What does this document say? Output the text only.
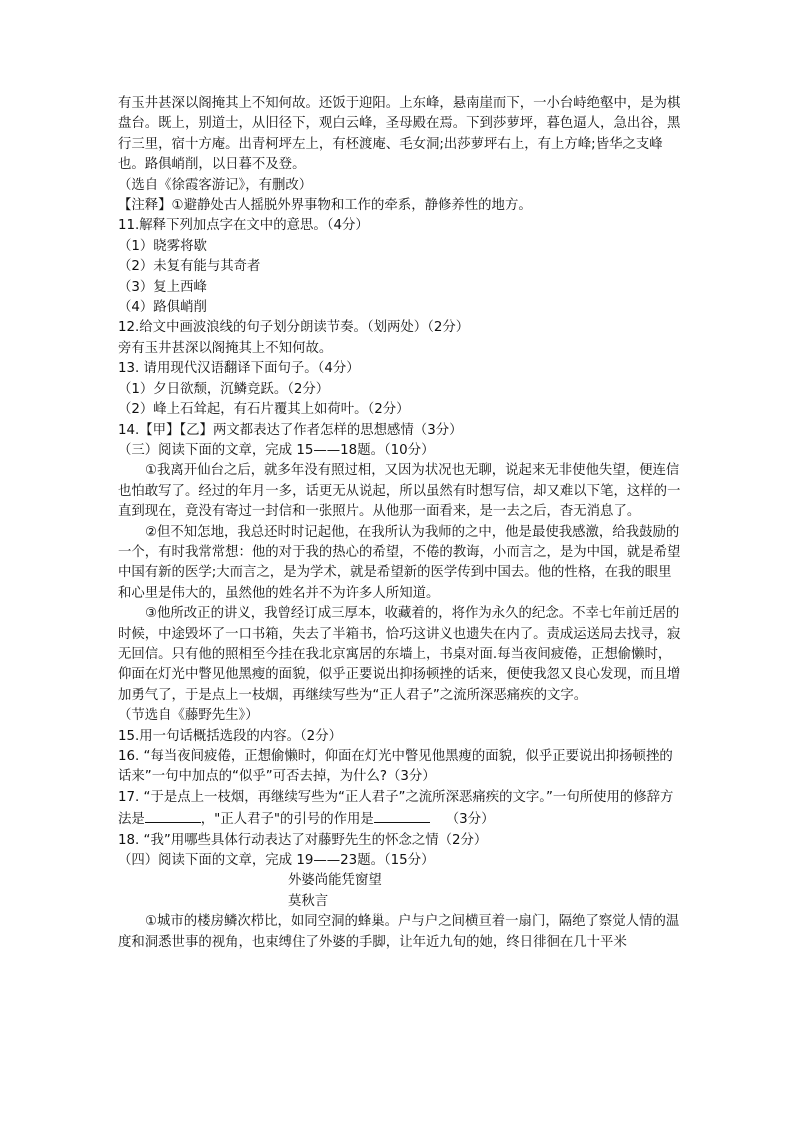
有玉井甚深以阁掩其上不知何故。还饭于迎阳。上东峰，悬南崖而下，一小台峙绝壑中，是为棋盘台。既上，别道士，从旧径下，观白云峰，圣母殿在焉。下到莎萝坪，暮色逼人，急出谷，黑行三里，宿十方庵。出青柯坪左上，有柸渡庵、毛女洞;出莎萝坪右上，有上方峰;皆华之支峰也。路俱峭削，以日暮不及登。

（选自《徐霞客游记》，有删改）

【注释】①避静处古人摇脱外界事物和工作的牵系，静修养性的地方。

11.解释下列加点字在文中的意思。（4分）

（1）晓雾将歇

（2）未复有能与其奇者

（3）复上西峰

（4）路俱峭削

12.给文中画波浪线的句子划分朗读节奏。（划两处）（2分）

旁有玉井甚深以阁掩其上不知何故。

13. 请用现代汉语翻译下面句子。（4分）

（1）夕日欲颓，沉鳞竞跃。（2分）

（2）峰上石耸起，有石片覆其上如荷叶。（2分）

14.【甲】【乙】两文都表达了作者怎样的思想感情（3分）

（三）阅读下面的文章，完成 15——18题。（10分）

①我离开仙台之后，就多年没有照过相，又因为状况也无聊，说起来无非使他失望，便连信也怕敢写了。经过的年月一多，话更无从说起，所以虽然有时想写信，却又难以下笔，这样的一直到现在，竟没有寄过一封信和一张照片。从他那一面看来，是一去之后，杳无消息了。

②但不知怎地，我总还时时记起他，在我所认为我师的之中，他是最使我感激，给我鼓励的一个，有时我常常想：他的对于我的热心的希望，不倦的教诲，小而言之，是为中国，就是希望中国有新的医学;大而言之，是为学术，就是希望新的医学传到中国去。他的性格，在我的眼里和心里是伟大的，虽然他的姓名并不为许多人所知道。

③他所改正的讲义，我曾经订成三厚本，收藏着的，将作为永久的纪念。不幸七年前迁居的时候，中途毁坏了一口书箱，失去了半箱书，恰巧这讲义也遗失在内了。责成运送局去找寻，寂无回信。只有他的照相至今挂在我北京寓居的东墙上，书桌对面.每当夜间疲倦，正想偷懒时，仰面在灯光中瞥见他黑瘦的面貌，似乎正要说出抑扬顿挫的话来，便使我忽又良心发现，而且增加勇气了，于是点上一枝烟，再继续写些为“正人君子”之流所深恶痛疾的文字。

（节选自《藤野先生》）

15.用一句话概括选段的内容。（2分）

16. “每当夜间疲倦，正想偷懒时，仰面在灯光中瞥见他黑瘦的面貌，似乎正要说出抑扬顿挫的话来”一句中加点的“似乎”可否去掉，为什么?（3分）

17. “于是点上一枝烟，再继续写些为“正人君子”之流所深恶痛疾的文字。”一句所使用的修辞方法是	，"正人君子"的引号的作用是	（3分）

18. “我”用哪些具体行动表达了对藤野先生的怀念之情（2分）

（四）阅读下面的文章，完成 19——23题。（15分）

外婆尚能凭窗望

莫秋言

①城市的楼房鳞次栉比，如同空洞的蜂巢。户与户之间横亘着一扇门，隔绝了察觉人情的温度和洞悉世事的视角，也束缚住了外婆的手脚，让年近九旬的她，终日徘徊在几十平米
